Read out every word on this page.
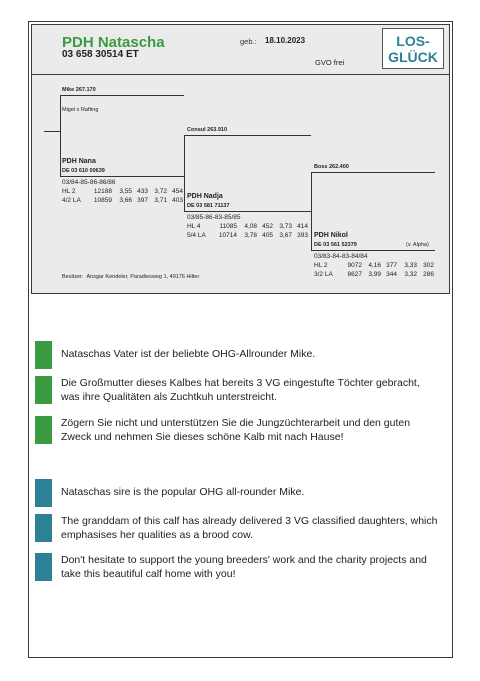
PDH Natascha
03 658 30514 ET
geb.: 18.10.2023
GVO frei
LOS-
GLÜCK
Mike 267.170
Migel x Rafting
PDH Nana
DE 03 610 00639
03/84-85-86-86/86
HL 2	12188 3,55 433 3,72 454
4/2 LA 10859 3,66 397 3,71 403
Consul 263.910
PDH Nadja
DE 03 581 71137
03/85-86-83-85/85
HL 4	11085 4,08 452 3,73 414
5/4 LA 10714 3,78 405 3,67 393
Boss 262.400
PDH Nikol
DE 03 561 52379	(v. Alpha)
03/83-84-83-84/84
HL 2	9072 4,16 377 3,33 302
3/2 LA 8627 3,99 344 3,32 286
Besitzer: Ansgar Kendeler, Paradiesweg 1, 49176 Hilter
Nataschas Vater ist der beliebte OHG-Allrounder Mike.
Die Großmutter dieses Kalbes hat bereits 3 VG eingestufte Töchter gebracht, was ihre Qualitäten als Zuchtkuh unterstreicht.
Zögern Sie nicht und unterstützen Sie die Jungzüchterarbeit und den guten Zweck und nehmen Sie dieses schöne Kalb mit nach Hause!
Nataschas sire is the popular OHG all-rounder Mike.
The granddam of this calf has already delivered 3 VG classified daughters, which emphasises her qualities as a brood cow.
Don't hesitate to support the young breeders' work and the charity projects and take this beautiful calf home with you!
